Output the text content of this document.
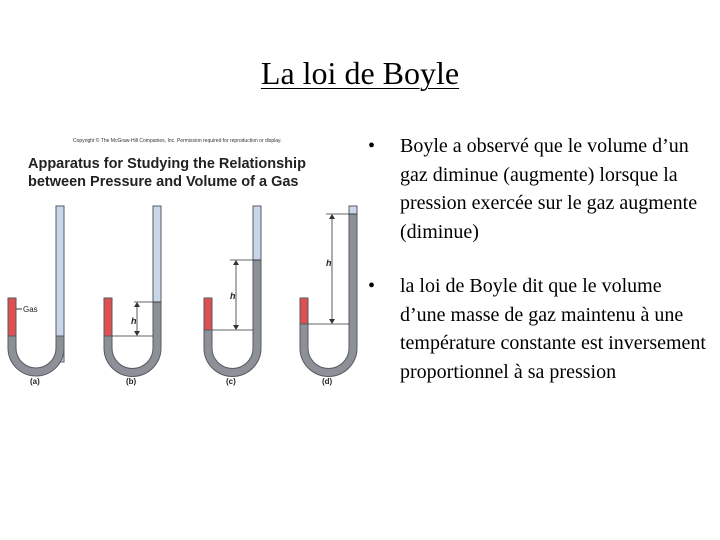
La loi de Boyle
Gas
h
h
h
(a)	(b)	(c)	(d)
Copyright © The McGraw-Hill Companies, Inc. Permission required for reproduction or display.
Apparatus for Studying the Relationship
between Pressure and Volume of a Gas
• Boyle a observé que le volume d’un gaz diminue (augmente) lorsque la pression exercée sur le gaz augmente (diminue)
• la loi de Boyle dit que le volume d’une masse de gaz maintenu à une température constante est inversement proportionnel à sa pression
